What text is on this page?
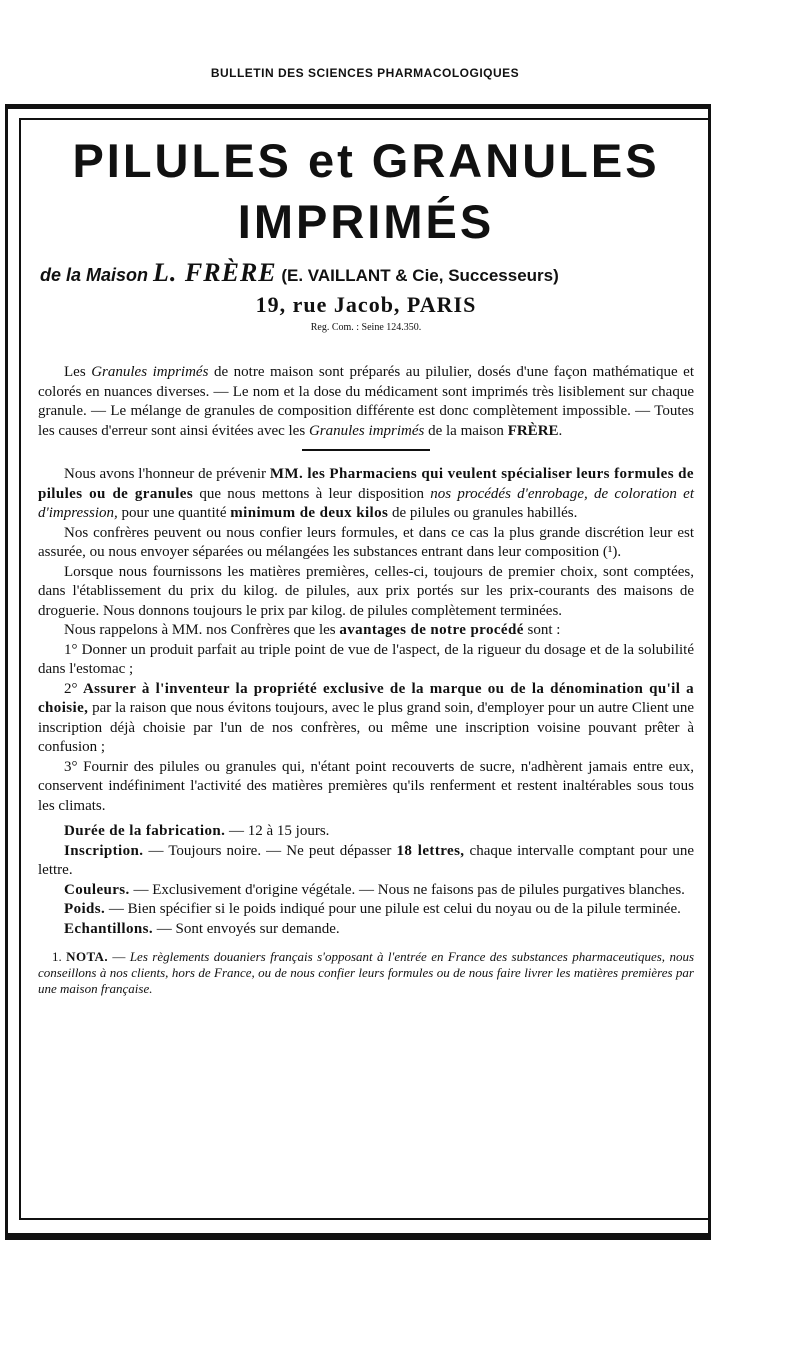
BULLETIN DES SCIENCES PHARMACOLOGIQUES
PILULES et GRANULES
IMPRIMÉS
de la Maison L. FRÈRE (E. VAILLANT & Cie, Successeurs)
19, rue Jacob, PARIS
Reg. Com. : Seine 124.350.

Les Granules imprimés de notre maison sont préparés au pilulier, dosés d'une façon mathématique et colorés en nuances diverses. — Le nom et la dose du médicament sont imprimés très lisiblement sur chaque granule. — Le mélange de granules de composition différente est donc complètement impossible. — Toutes les causes d'erreur sont ainsi évitées avec les Granules imprimés de la maison FRÈRE.

Nous avons l'honneur de prévenir MM. les Pharmaciens qui veulent spécialiser leurs formules de pilules ou de granules que nous mettons à leur disposition nos procédés d'enrobage, de coloration et d'impression, pour une quantité minimum de deux kilos de pilules ou granules habillés.

Nos confrères peuvent ou nous confier leurs formules, et dans ce cas la plus grande discrétion leur est assurée, ou nous envoyer séparées ou mélangées les substances entrant dans leur composition (¹).

Lorsque nous fournissons les matières premières, celles-ci, toujours de premier choix, sont comptées, dans l'établissement du prix du kilog. de pilules, aux prix portés sur les prix-courants des maisons de droguerie. Nous donnons toujours le prix par kilog. de pilules complètement terminées.

Nous rappelons à MM. nos Confrères que les avantages de notre procédé sont :

1° Donner un produit parfait au triple point de vue de l'aspect, de la rigueur du dosage et de la solubilité dans l'estomac ;

2° Assurer à l'inventeur la propriété exclusive de la marque ou de la dénomination qu'il a choisie, par la raison que nous évitons toujours, avec le plus grand soin, d'employer pour un autre Client une inscription déjà choisie par l'un de nos confrères, ou même une inscription voisine pouvant prêter à confusion ;

3° Fournir des pilules ou granules qui, n'étant point recouverts de sucre, n'adhèrent jamais entre eux, conservent indéfiniment l'activité des matières premières qu'ils renferment et restent inaltérables sous tous les climats.

Durée de la fabrication. — 12 à 15 jours.

Inscription. — Toujours noire. — Ne peut dépasser 18 lettres, chaque intervalle comptant pour une lettre.

Couleurs. — Exclusivement d'origine végétale. — Nous ne faisons pas de pilules purgatives blanches.

Poids. — Bien spécifier si le poids indiqué pour une pilule est celui du noyau ou de la pilule terminée.

Echantillons. — Sont envoyés sur demande.

1. NOTA. — Les règlements douaniers français s'opposant à l'entrée en France des substances pharmaceutiques, nous conseillons à nos clients, hors de France, ou de nous confier leurs formules ou de nous faire livrer les matières premières par une maison française.
